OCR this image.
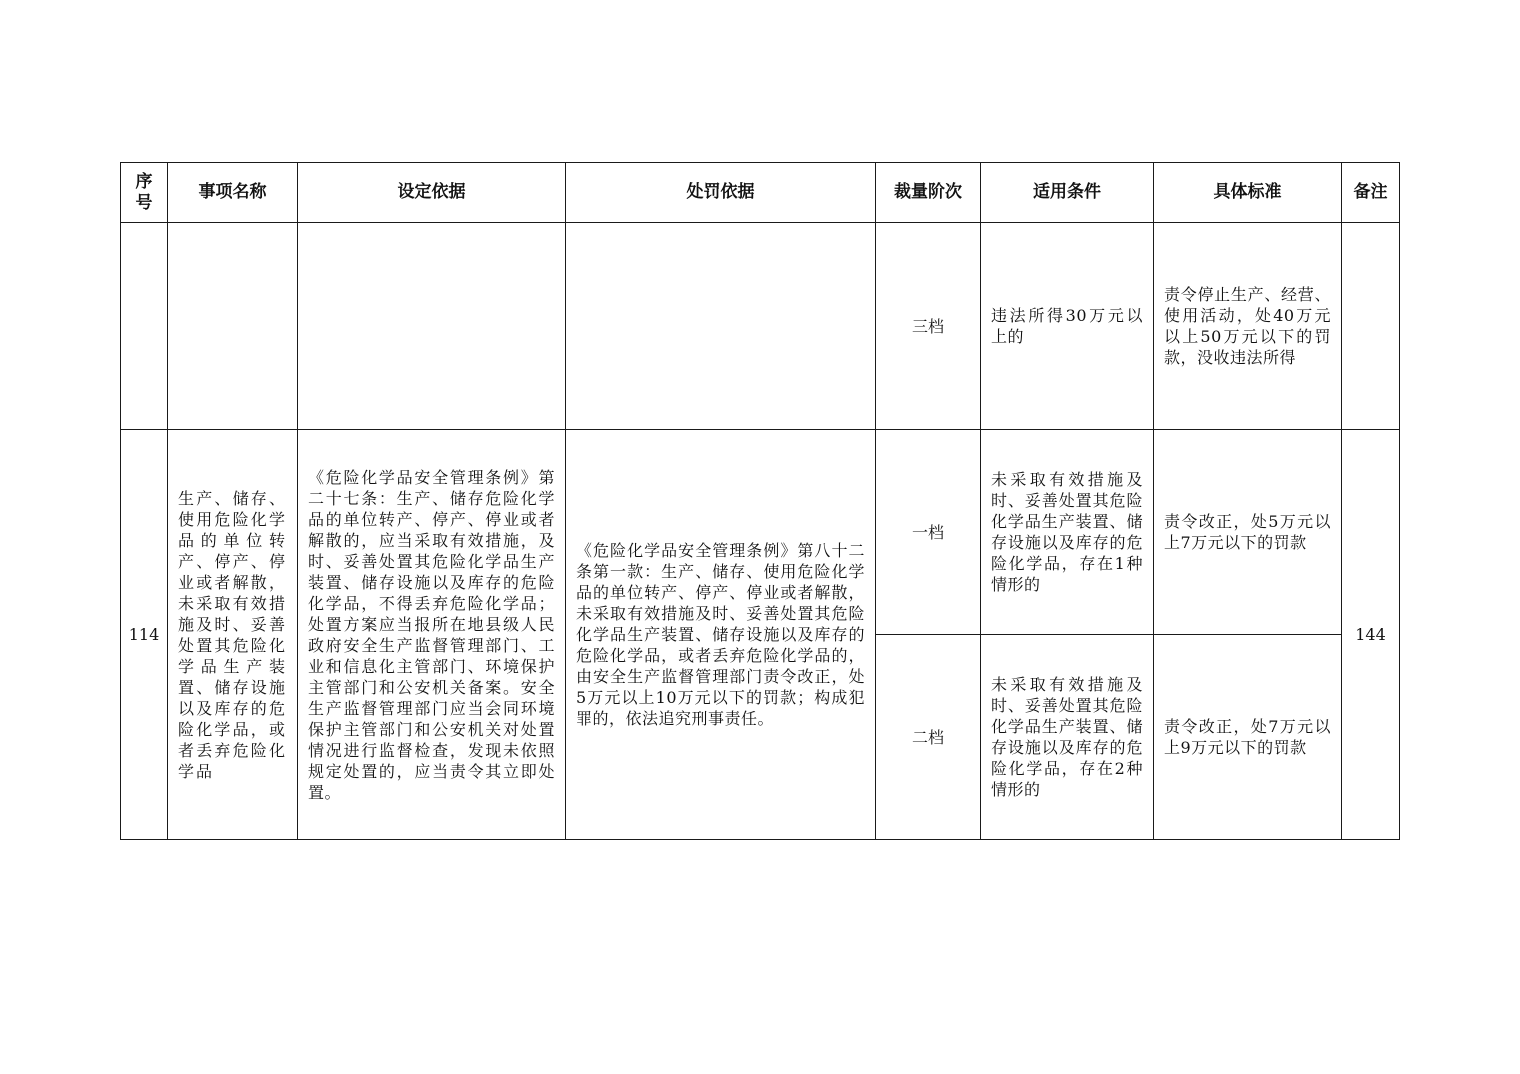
序号	事项名称	设定依据	处罚依据	裁量阶次	适用条件	具体标准	备注
				三档	违法所得30万元以上的	责令停止生产、经营、使用活动，处40万元以上50万元以下的罚款，没收违法所得	

114	生产、储存、使用危险化学品的单位转产、停产、停业或者解散，未采取有效措施及时、妥善处置其危险化学品生产装置、储存设施以及库存的危险化学品，或者丢弃危险化学品	《危险化学品安全管理条例》第二十七条：生产、储存危险化学品的单位转产、停产、停业或者解散的，应当采取有效措施，及时、妥善处置其危险化学品生产装置、储存设施以及库存的危险化学品，不得丢弃危险化学品；处置方案应当报所在地县级人民政府安全生产监督管理部门、工业和信息化主管部门、环境保护主管部门和公安机关备案。安全生产监督管理部门应当会同环境保护主管部门和公安机关对处置情况进行监督检查，发现未依照规定处置的，应当责令其立即处置。	《危险化学品安全管理条例》第八十二条第一款：生产、储存、使用危险化学品的单位转产、停产、停业或者解散，未采取有效措施及时、妥善处置其危险化学品生产装置、储存设施以及库存的危险化学品，或者丢弃危险化学品的，由安全生产监督管理部门责令改正，处5万元以上10万元以下的罚款；构成犯罪的，依法追究刑事责任。	一档	未采取有效措施及时、妥善处置其危险化学品生产装置、储存设施以及库存的危险化学品，存在1种情形的	责令改正，处5万元以上7万元以下的罚款	144
				二档	未采取有效措施及时、妥善处置其危险化学品生产装置、储存设施以及库存的危险化学品，存在2种情形的	责令改正，处7万元以上9万元以下的罚款	
